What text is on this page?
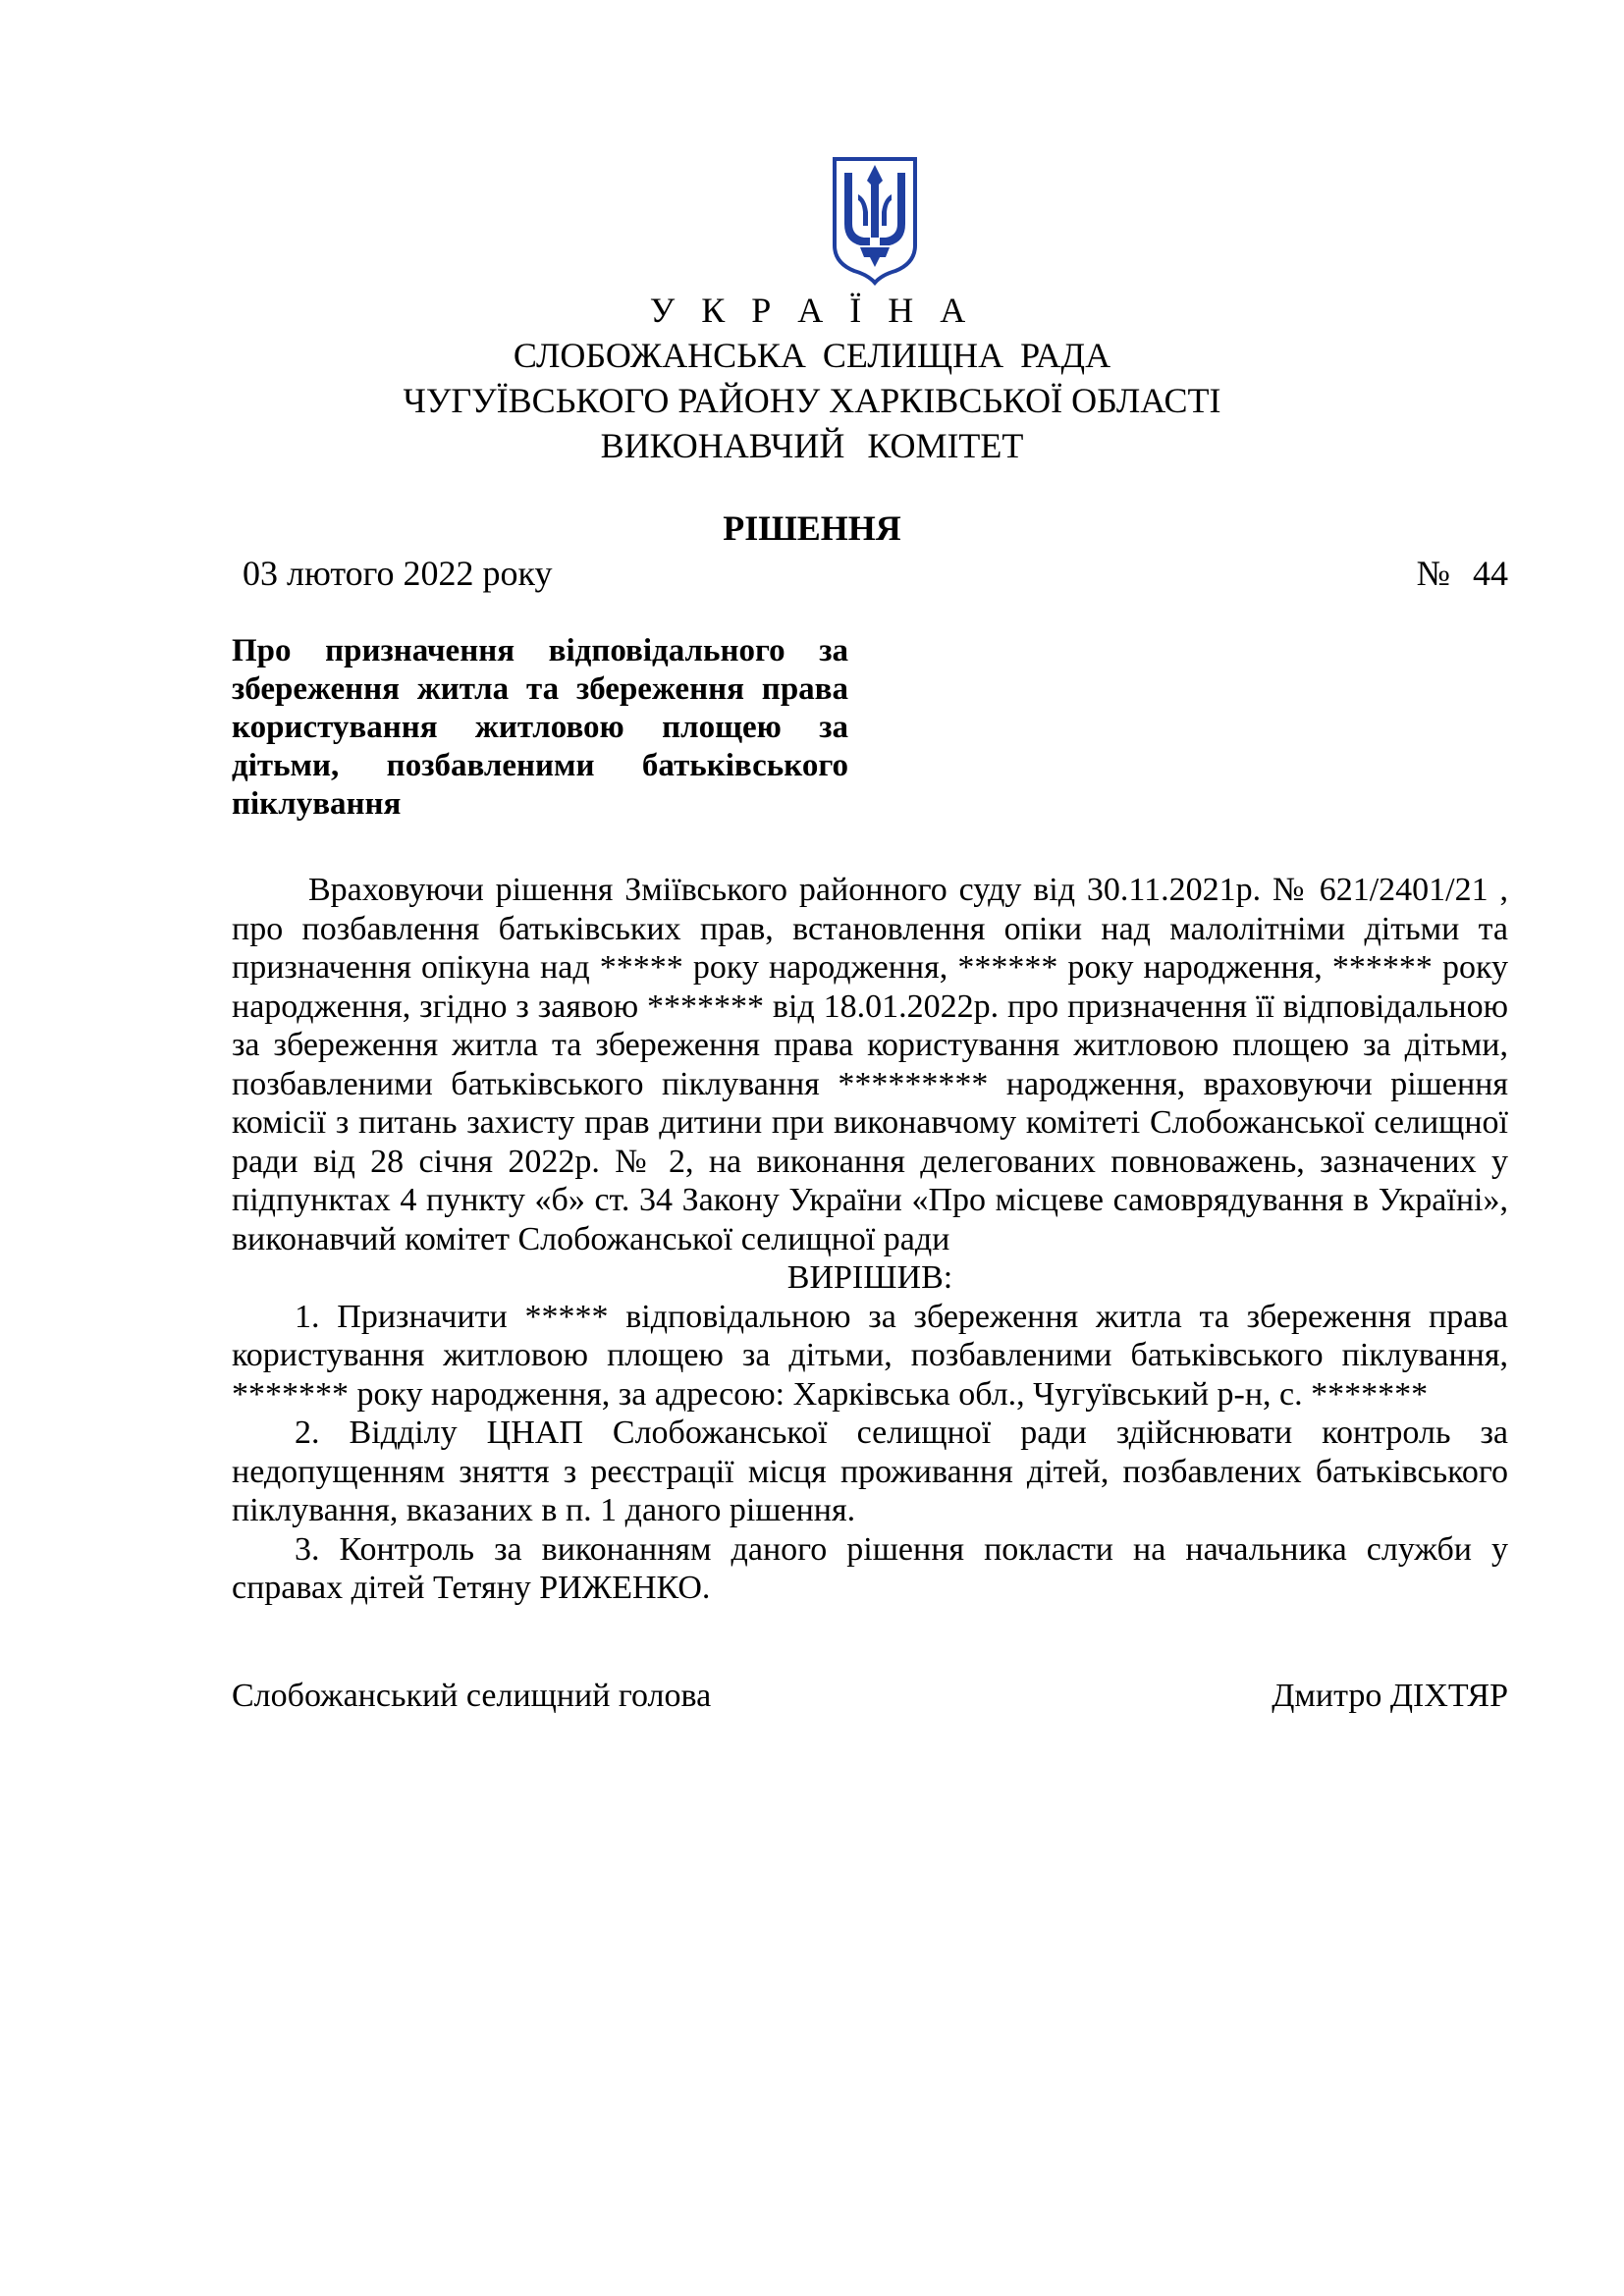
У К Р А Ї Н А
СЛОБОЖАНСЬКА СЕЛИЩНА РАДА
ЧУГУЇВСЬКОГО РАЙОНУ ХАРКІВСЬКОЇ ОБЛАСТІ
ВИКОНАВЧИЙ КОМІТЕТ
РІШЕННЯ
03 лютого 2022 року	№ 44
Про призначення відповідального за збереження житла та збереження права користування житловою площею за дітьми, позбавленими батьківського піклування

Враховуючи рішення Зміївського районного суду від 30.11.2021р. № 621/2401/21 , про позбавлення батьківських прав, встановлення опіки над малолітніми дітьми та призначення опікуна над ***** року народження, ****** року народження, ****** року народження, згідно з заявою ******* від 18.01.2022р. про призначення її відповідальною за збереження житла та збереження права користування житловою площею за дітьми, позбавленими батьківського піклування ********* народження, враховуючи рішення комісії з питань захисту прав дитини при виконавчому комітеті Слобожанської селищної ради від 28 січня 2022р. № 2, на виконання делегованих повноважень, зазначених у підпунктах 4 пункту «б» ст. 34 Закону України «Про місцеве самоврядування в Україні», виконавчий комітет Слобожанської селищної ради

ВИРІШИВ:

1. Призначити ***** відповідальною за збереження житла та збереження права користування житловою площею за дітьми, позбавленими батьківського піклування, ******* року народження, за адресою: Харківська обл., Чугуївський р-н, с. *******

2. Відділу ЦНАП Слобожанської селищної ради здійснювати контроль за недопущенням зняття з реєстрації місця проживання дітей, позбавлених батьківського піклування, вказаних в п. 1 даного рішення.

3. Контроль за виконанням даного рішення покласти на начальника служби у справах дітей Тетяну РИЖЕНКО.

Слобожанський селищний голова	Дмитро ДІХТЯР
